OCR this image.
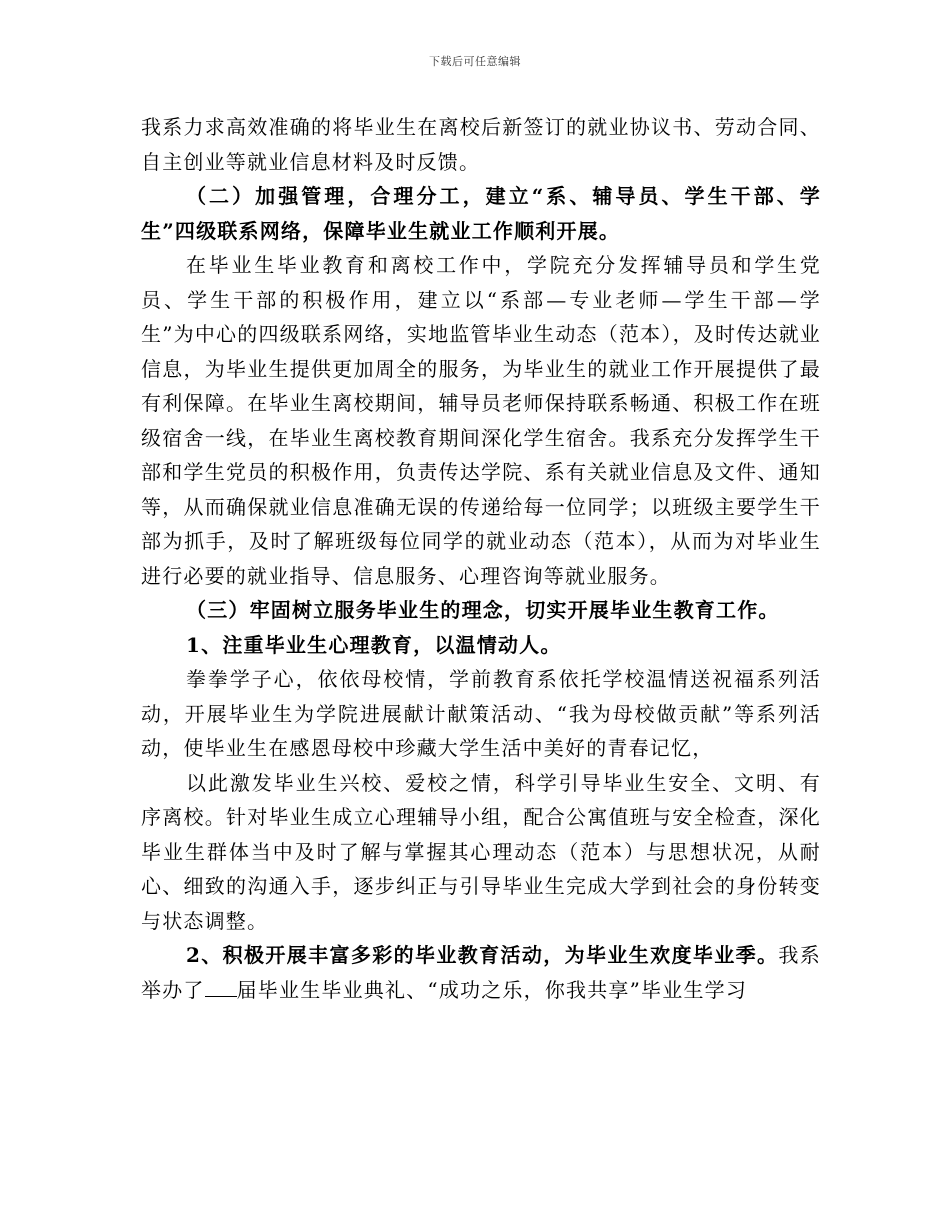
下载后可任意编辑

我系力求高效准确的将毕业生在离校后新签订的就业协议书、劳动合同、自主创业等就业信息材料及时反馈。

（二）加强管理，合理分工，建立“系、辅导员、学生干部、学生”四级联系网络，保障毕业生就业工作顺利开展。

在毕业生毕业教育和离校工作中，学院充分发挥辅导员和学生党员、学生干部的积极作用，建立以“系部—专业老师—学生干部—学生”为中心的四级联系网络，实地监管毕业生动态（范本），及时传达就业信息，为毕业生提供更加周全的服务，为毕业生的就业工作开展提供了最有利保障。在毕业生离校期间，辅导员老师保持联系畅通、积极工作在班级宿舍一线，在毕业生离校教育期间深化学生宿舍。我系充分发挥学生干部和学生党员的积极作用，负责传达学院、系有关就业信息及文件、通知等，从而确保就业信息准确无误的传递给每一位同学；以班级主要学生干部为抓手，及时了解班级每位同学的就业动态（范本），从而为对毕业生进行必要的就业指导、信息服务、心理咨询等就业服务。

（三）牢固树立服务毕业生的理念，切实开展毕业生教育工作。

1、注重毕业生心理教育，以温情动人。

拳拳学子心，依依母校情，学前教育系依托学校温情送祝福系列活动，开展毕业生为学院进展献计献策活动、“我为母校做贡献”等系列活动，使毕业生在感恩母校中珍藏大学生活中美好的青春记忆，

以此激发毕业生兴校、爱校之情，科学引导毕业生安全、文明、有序离校。针对毕业生成立心理辅导小组，配合公寓值班与安全检查，深化毕业生群体当中及时了解与掌握其心理动态（范本）与思想状况，从耐心、细致的沟通入手，逐步纠正与引导毕业生完成大学到社会的身份转变与状态调整。

2、积极开展丰富多彩的毕业教育活动，为毕业生欢度毕业季。我系举办了 届毕业生毕业典礼、“成功之乐，你我共享”毕业生学习
